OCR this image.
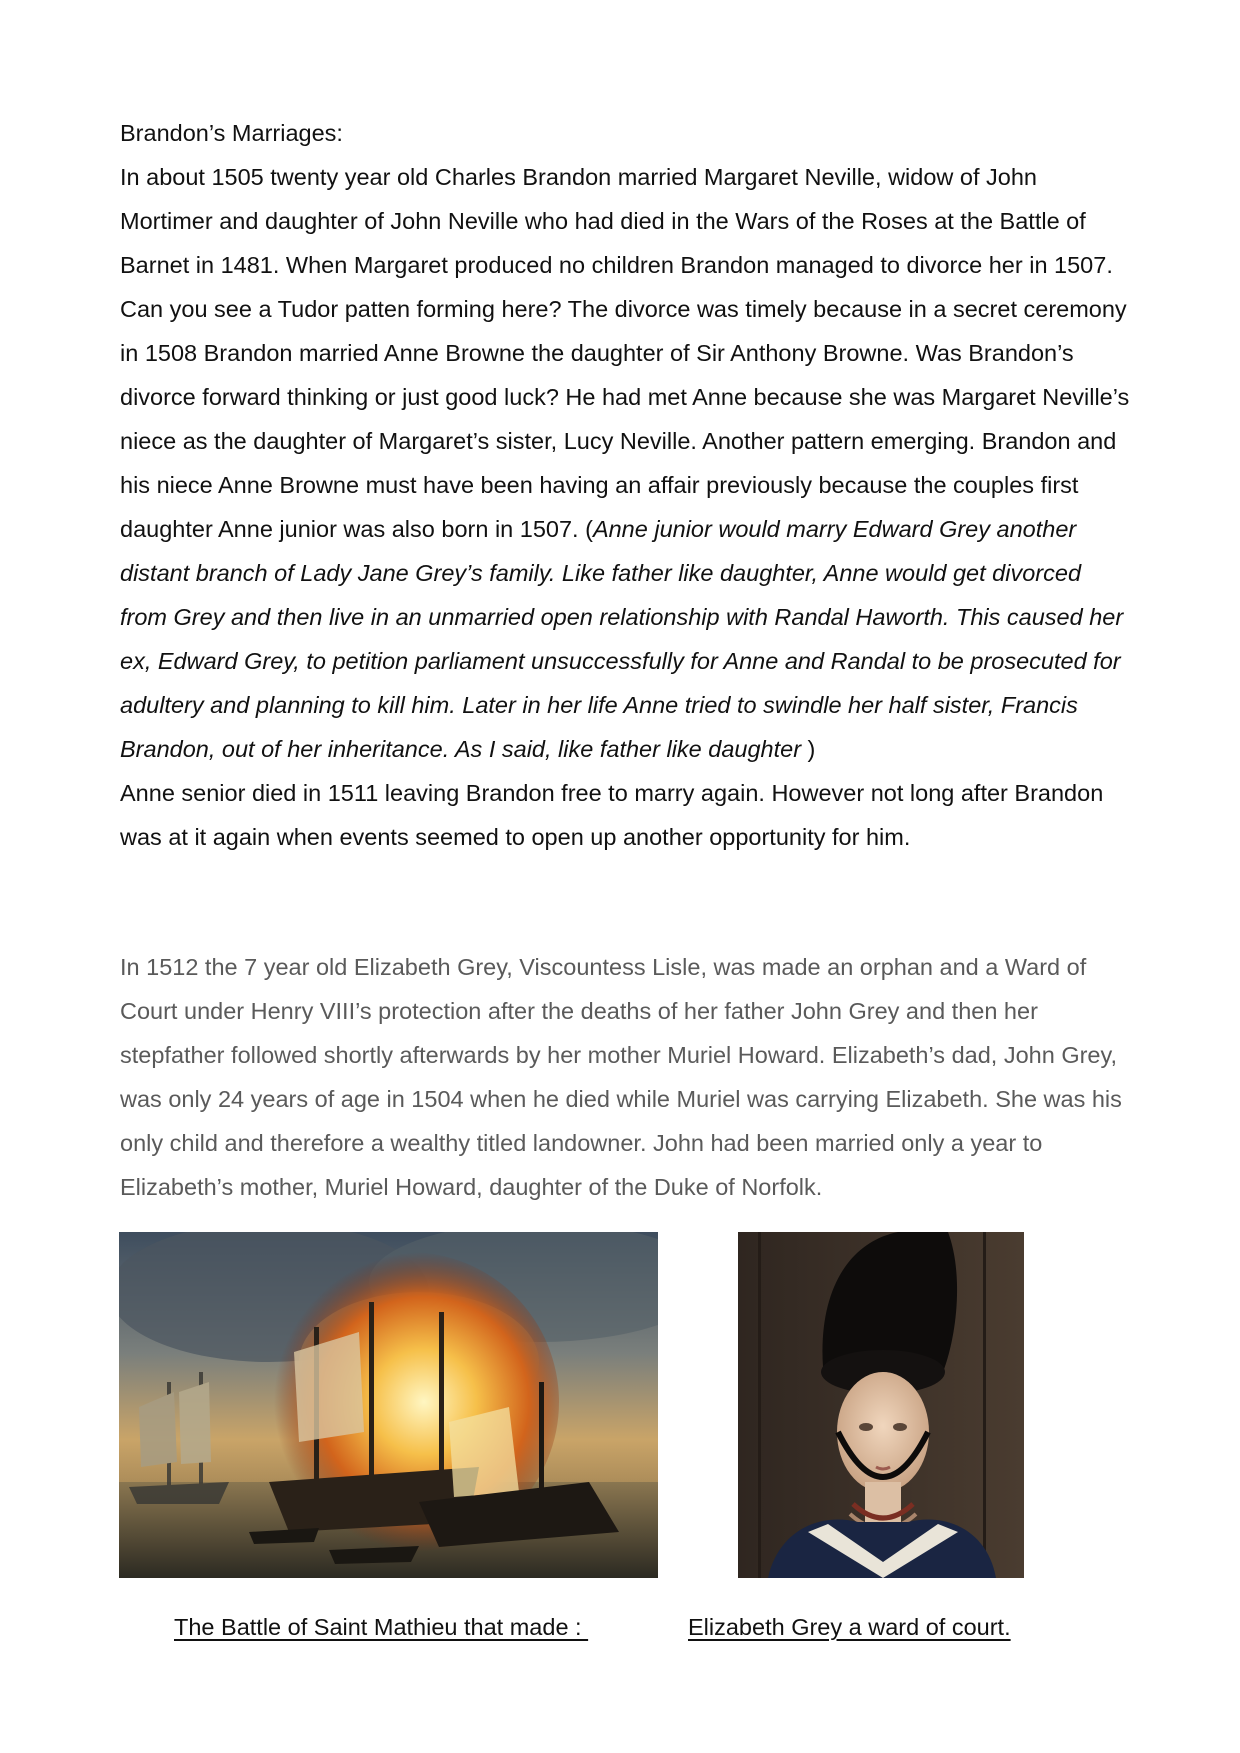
Brandon’s Marriages:

In about 1505 twenty year old Charles Brandon married Margaret Neville, widow of John Mortimer and daughter of John Neville who had died in the Wars of the Roses at the Battle of Barnet in 1481. When Margaret produced no children Brandon managed to divorce her in 1507. Can you see a Tudor patten forming here? The divorce was timely because in a secret ceremony in 1508 Brandon married Anne Browne the daughter of Sir Anthony Browne. Was Brandon’s divorce forward thinking or just good luck? He had met Anne because she was Margaret Neville’s niece as the daughter of Margaret’s sister, Lucy Neville. Another pattern emerging. Brandon and his niece Anne Browne must have been having an affair previously because the couples first daughter Anne junior was also born in 1507. (Anne junior would marry Edward Grey another distant branch of Lady Jane Grey’s family. Like father like daughter, Anne would get divorced from Grey and then live in an unmarried open relationship with Randal Haworth. This caused her ex, Edward Grey, to petition parliament unsuccessfully for Anne and Randal to be prosecuted for adultery and planning to kill him. Later in her life Anne tried to swindle her half sister, Francis Brandon, out of her inheritance. As I said, like father like daughter )

Anne senior died in 1511 leaving Brandon free to marry again. However not long after Brandon was at it again when events seemed to open up another opportunity for him.

In 1512 the 7 year old Elizabeth Grey, Viscountess Lisle, was made an orphan and a Ward of Court under Henry VIII’s protection after the deaths of her father John Grey and then her stepfather followed shortly afterwards by her mother Muriel Howard. Elizabeth’s dad, John Grey, was only 24 years of age in 1504 when he died while Muriel was carrying Elizabeth. She was his only child and therefore a wealthy titled landowner. John had been married only a year to Elizabeth’s mother, Muriel Howard, daughter of the Duke of Norfolk.

The Battle of Saint Mathieu that made :	Elizabeth Grey a ward of court.
